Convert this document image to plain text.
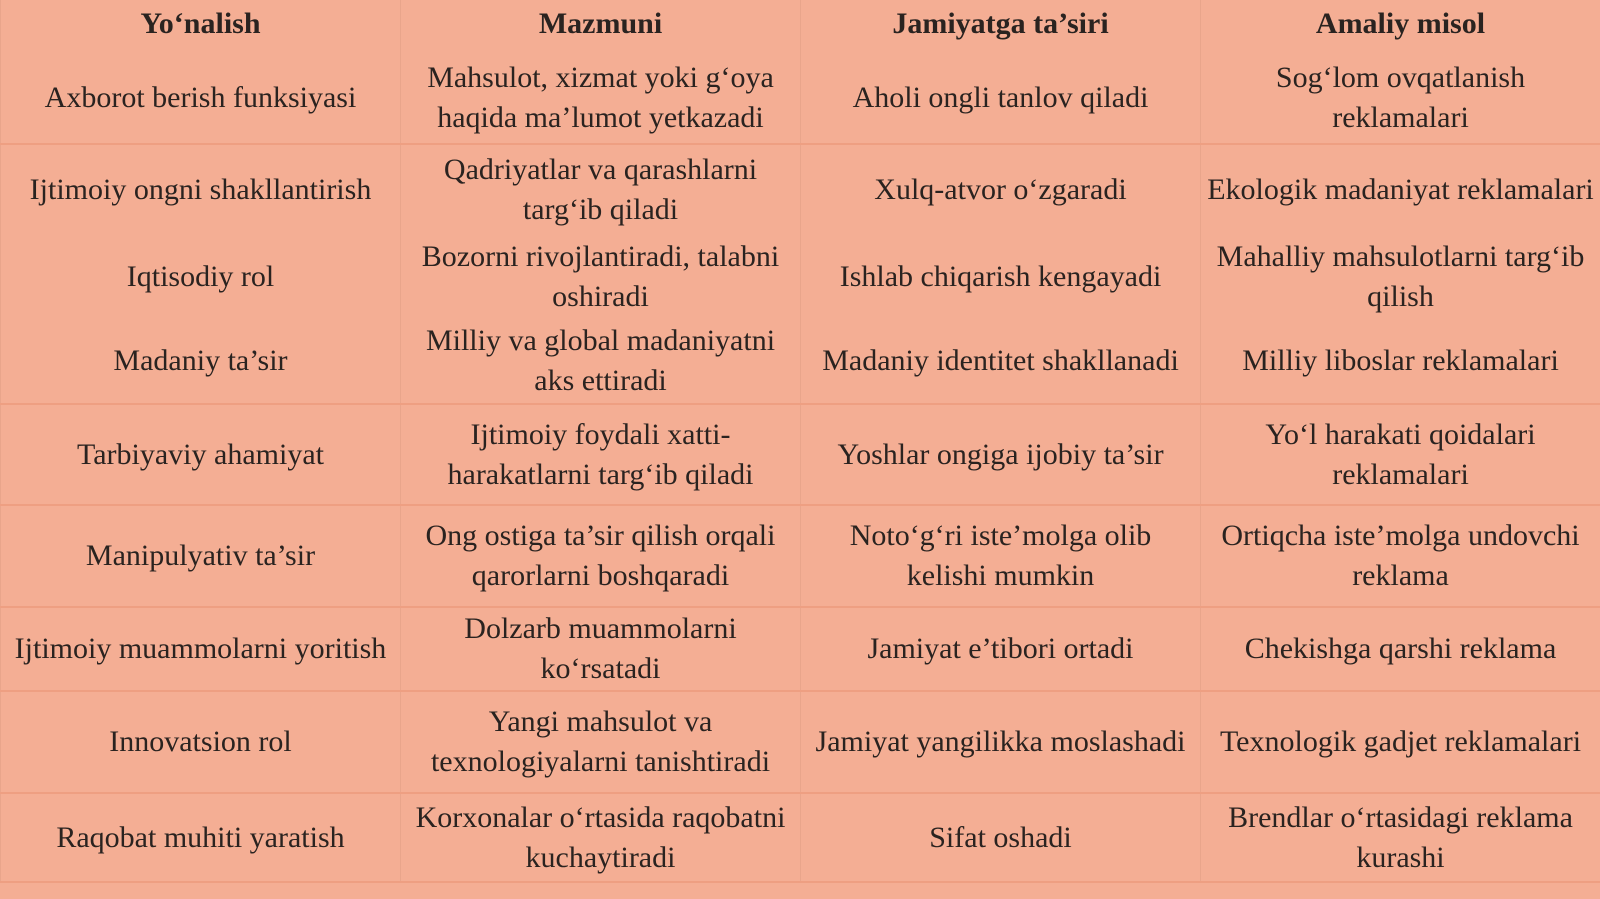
Yo‘nalish	Mazmuni	Jamiyatga ta’siri	Amaliy misol
Axborot berish funksiyasi	Mahsulot, xizmat yoki g‘oya haqida ma’lumot yetkazadi	Aholi ongli tanlov qiladi	Sog‘lom ovqatlanish reklamalari
Ijtimoiy ongni shakllantirish	Qadriyatlar va qarashlarni targ‘ib qiladi	Xulq-atvor o‘zgaradi	Ekologik madaniyat reklamalari
Iqtisodiy rol	Bozorni rivojlantiradi, talabni oshiradi	Ishlab chiqarish kengayadi	Mahalliy mahsulotlarni targ‘ib qilish
Madaniy ta’sir	Milliy va global madaniyatni aks ettiradi	Madaniy identitet shakllanadi	Milliy liboslar reklamalari
Tarbiyaviy ahamiyat	Ijtimoiy foydali xatti-harakatlarni targ‘ib qiladi	Yoshlar ongiga ijobiy ta’sir	Yo‘l harakati qoidalari reklamalari
Manipulyativ ta’sir	Ong ostiga ta’sir qilish orqali qarorlarni boshqaradi	Noto‘g‘ri iste’molga olib kelishi mumkin	Ortiqcha iste’molga undovchi reklama
Ijtimoiy muammolarni yoritish	Dolzarb muammolarni ko‘rsatadi	Jamiyat e’tibori ortadi	Chekishga qarshi reklama
Innovatsion rol	Yangi mahsulot va texnologiyalarni tanishtiradi	Jamiyat yangilikka moslashadi	Texnologik gadjet reklamalari
Raqobat muhiti yaratish	Korxonalar o‘rtasida raqobatni kuchaytiradi	Sifat oshadi	Brendlar o‘rtasidagi reklama kurashi
